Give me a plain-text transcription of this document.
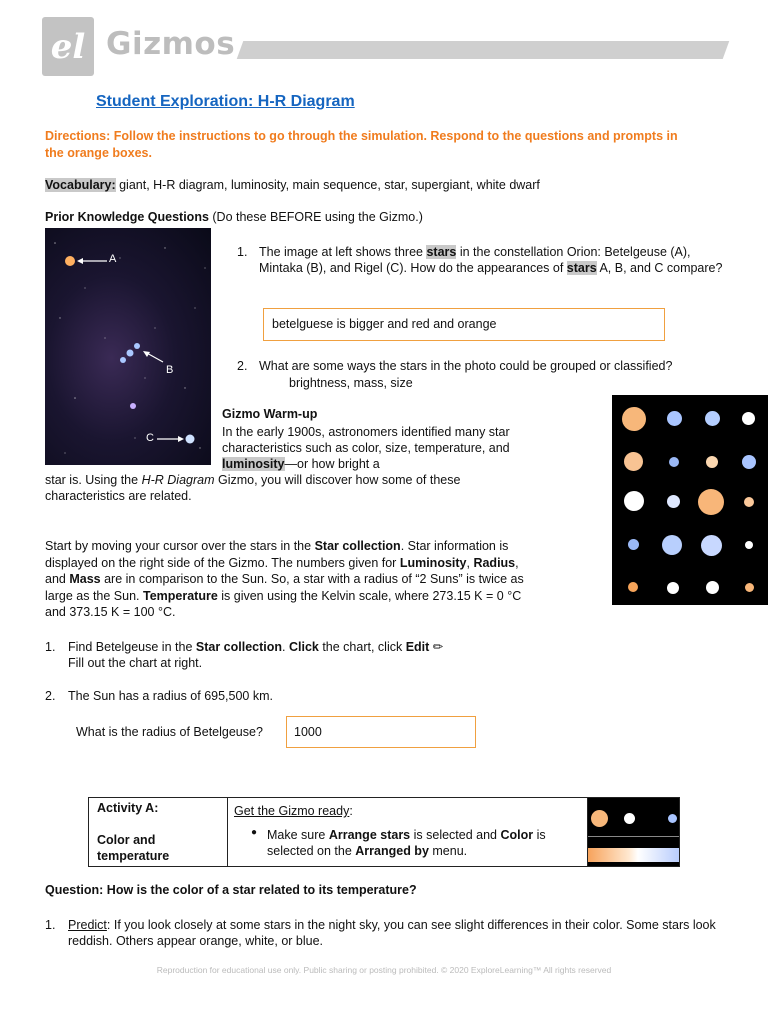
el Gizmos
Student Exploration: H-R Diagram
Directions: Follow the instructions to go through the simulation. Respond to the questions and prompts in the orange boxes.
Vocabulary: giant, H-R diagram, luminosity, main sequence, star, supergiant, white dwarf
Prior Knowledge Questions (Do these BEFORE using the Gizmo.)
A
B
C
1. The image at left shows three stars in the constellation Orion: Betelgeuse (A), Mintaka (B), and Rigel (C). How do the appearances of stars A, B, and C compare?
betelguese is bigger and red and orange
2. What are some ways the stars in the photo could be grouped or classified?
brightness, mass, size
Gizmo Warm-up
In the early 1900s, astronomers identified many star characteristics such as color, size, temperature, and luminosity—or how bright a
star is. Using the H-R Diagram Gizmo, you will discover how some of these characteristics are related.
Start by moving your cursor over the stars in the Star collection. Star information is displayed on the right side of the Gizmo. The numbers given for Luminosity, Radius, and Mass are in comparison to the Sun. So, a star with a radius of “2 Suns” is twice as large as the Sun. Temperature is given using the Kelvin scale, where 273.15 K = 0 °C and 373.15 K = 100 °C.
1. Find Betelgeuse in the Star collection. Click the chart, click Edit ✏
Fill out the chart at right.
2. The Sun has a radius of 695,500 km.
What is the radius of Betelgeuse?	1000
Activity A:
Color and temperature
Get the Gizmo ready:
● Make sure Arrange stars is selected and Color is selected on the Arranged by menu.
Question: How is the color of a star related to its temperature?
1. Predict: If you look closely at some stars in the night sky, you can see slight differences in their color. Some stars look reddish. Others appear orange, white, or blue.
Reproduction for educational use only. Public sharing or posting prohibited. © 2020 ExploreLearning™ All rights reserved
